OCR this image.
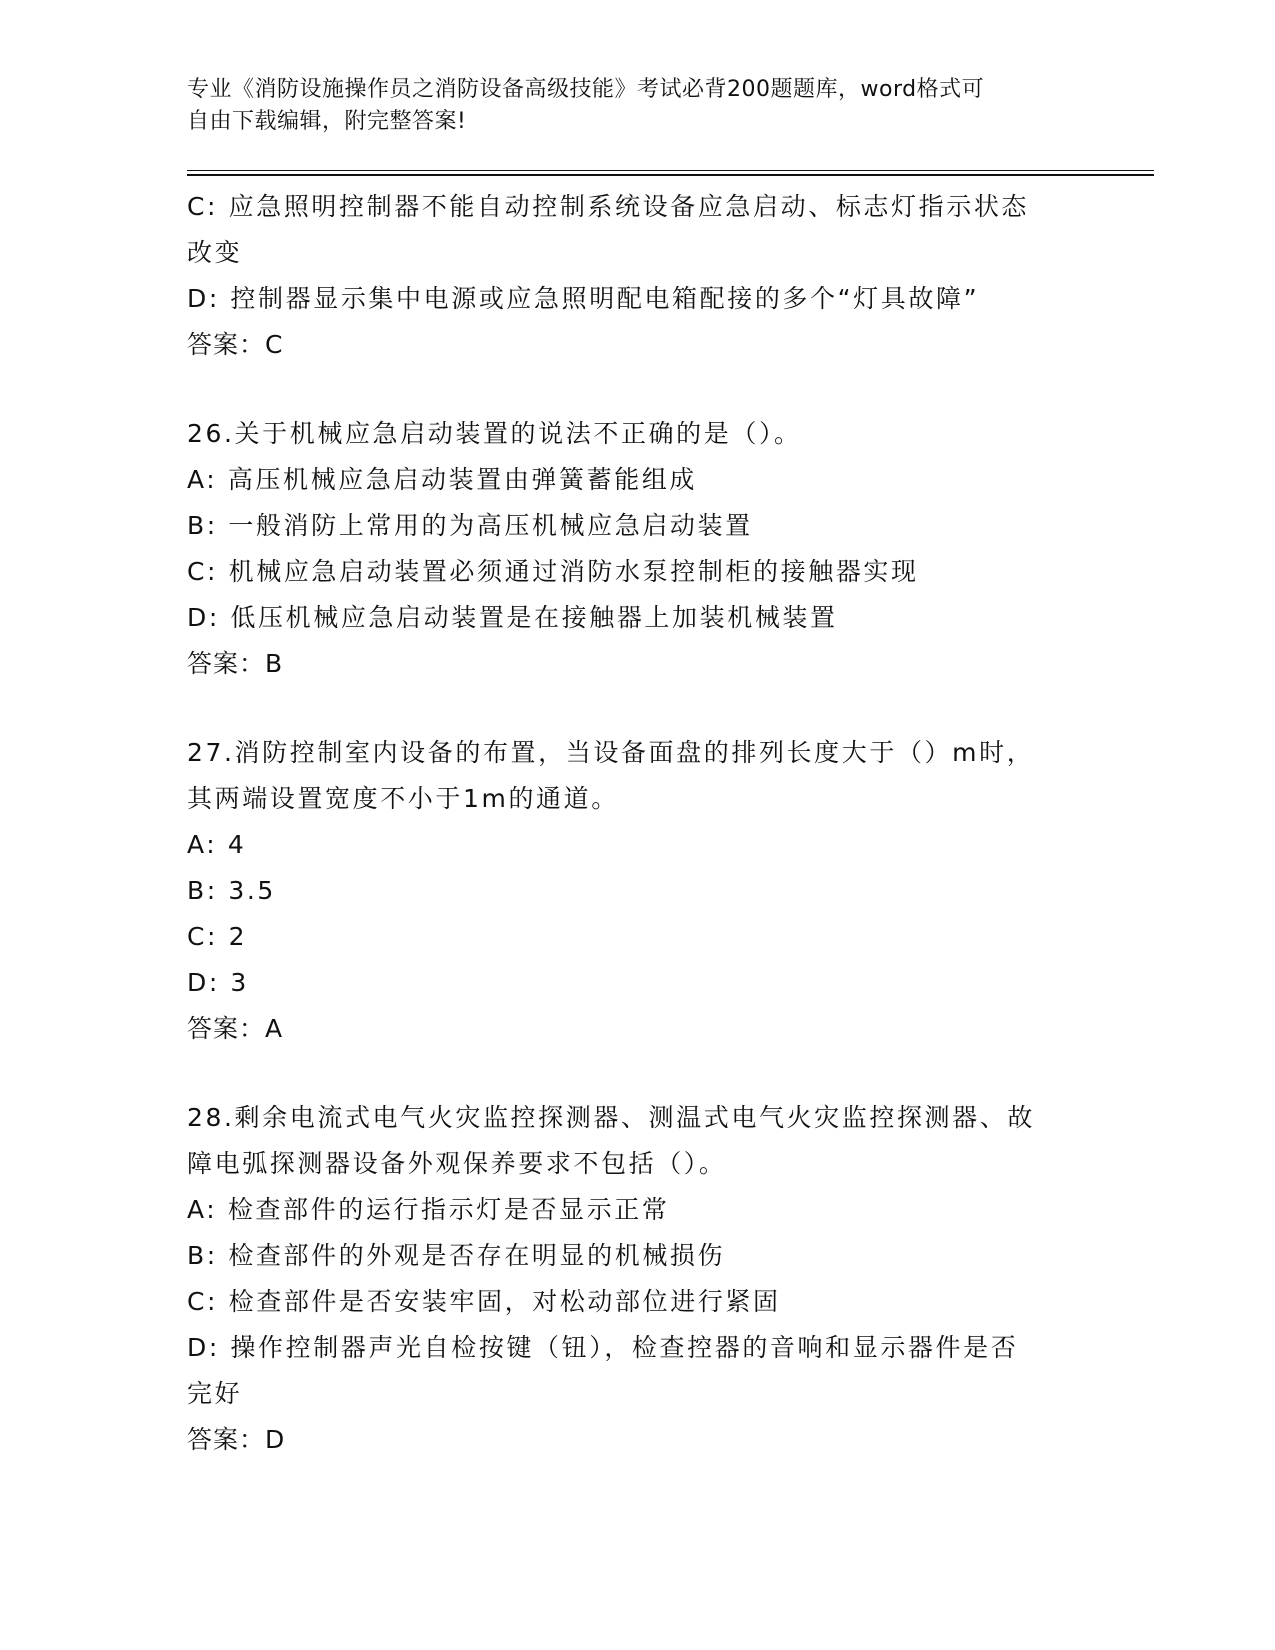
专业《消防设施操作员之消防设备高级技能》考试必背200题题库，word格式可
自由下载编辑，附完整答案!
C: 应急照明控制器不能自动控制系统设备应急启动、标志灯指示状态
改变
D: 控制器显示集中电源或应急照明配电箱配接的多个“灯具故障”
答案：C
26.关于机械应急启动装置的说法不正确的是（）。
A: 高压机械应急启动装置由弹簧蓄能组成
B: 一般消防上常用的为高压机械应急启动装置
C: 机械应急启动装置必须通过消防水泵控制柜的接触器实现
D: 低压机械应急启动装置是在接触器上加装机械装置
答案：B
27.消防控制室内设备的布置，当设备面盘的排列长度大于（）m时，
其两端设置宽度不小于1m的通道。
A: 4
B: 3.5
C: 2
D: 3
答案：A
28.剩余电流式电气火灾监控探测器、测温式电气火灾监控探测器、故
障电弧探测器设备外观保养要求不包括（）。
A: 检查部件的运行指示灯是否显示正常
B: 检查部件的外观是否存在明显的机械损伤
C: 检查部件是否安装牢固，对松动部位进行紧固
D: 操作控制器声光自检按键（钮），检查控器的音响和显示器件是否
完好
答案：D
